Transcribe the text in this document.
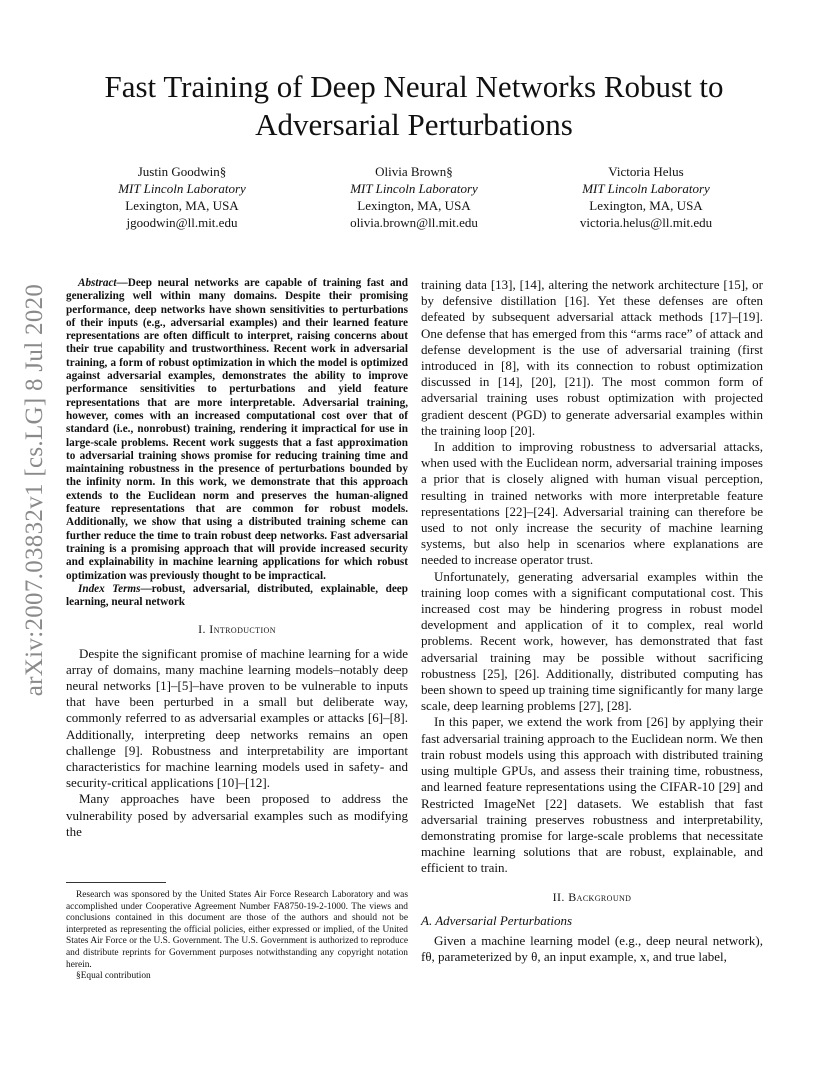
arXiv:2007.03832v1 [cs.LG] 8 Jul 2020
Fast Training of Deep Neural Networks Robust to Adversarial Perturbations
Justin Goodwin§
MIT Lincoln Laboratory
Lexington, MA, USA
jgoodwin@ll.mit.edu
Olivia Brown§
MIT Lincoln Laboratory
Lexington, MA, USA
olivia.brown@ll.mit.edu
Victoria Helus
MIT Lincoln Laboratory
Lexington, MA, USA
victoria.helus@ll.mit.edu

Abstract—Deep neural networks are capable of training fast and generalizing well within many domains. Despite their promising performance, deep networks have shown sensitivities to perturbations of their inputs (e.g., adversarial examples) and their learned feature representations are often difficult to interpret, raising concerns about their true capability and trustworthiness. Recent work in adversarial training, a form of robust optimization in which the model is optimized against adversarial examples, demonstrates the ability to improve performance sensitivities to perturbations and yield feature representations that are more interpretable. Adversarial training, however, comes with an increased computational cost over that of standard (i.e., nonrobust) training, rendering it impractical for use in large-scale problems. Recent work suggests that a fast approximation to adversarial training shows promise for reducing training time and maintaining robustness in the presence of perturbations bounded by the infinity norm. In this work, we demonstrate that this approach extends to the Euclidean norm and preserves the human-aligned feature representations that are common for robust models. Additionally, we show that using a distributed training scheme can further reduce the time to train robust deep networks. Fast adversarial training is a promising approach that will provide increased security and explainability in machine learning applications for which robust optimization was previously thought to be impractical.

Index Terms—robust, adversarial, distributed, explainable, deep learning, neural network

I. Introduction

Despite the significant promise of machine learning for a wide array of domains, many machine learning models–notably deep neural networks [1]–[5]–have proven to be vulnerable to inputs that have been perturbed in a small but deliberate way, commonly referred to as adversarial examples or attacks [6]–[8]. Additionally, interpreting deep networks remains an open challenge [9]. Robustness and interpretability are important characteristics for machine learning models used in safety- and security-critical applications [10]–[12].

Many approaches have been proposed to address the vulnerability posed by adversarial examples such as modifying the

Research was sponsored by the United States Air Force Research Laboratory and was accomplished under Cooperative Agreement Number FA8750-19-2-1000. The views and conclusions contained in this document are those of the authors and should not be interpreted as representing the official policies, either expressed or implied, of the United States Air Force or the U.S. Government. The U.S. Government is authorized to reproduce and distribute reprints for Government purposes notwithstanding any copyright notation herein.

§Equal contribution

training data [13], [14], altering the network architecture [15], or by defensive distillation [16]. Yet these defenses are often defeated by subsequent adversarial attack methods [17]–[19]. One defense that has emerged from this “arms race” of attack and defense development is the use of adversarial training (first introduced in [8], with its connection to robust optimization discussed in [14], [20], [21]). The most common form of adversarial training uses robust optimization with projected gradient descent (PGD) to generate adversarial examples within the training loop [20].

In addition to improving robustness to adversarial attacks, when used with the Euclidean norm, adversarial training imposes a prior that is closely aligned with human visual perception, resulting in trained networks with more interpretable feature representations [22]–[24]. Adversarial training can therefore be used to not only increase the security of machine learning systems, but also help in scenarios where explanations are needed to increase operator trust.

Unfortunately, generating adversarial examples within the training loop comes with a significant computational cost. This increased cost may be hindering progress in robust model development and application of it to complex, real world problems. Recent work, however, has demonstrated that fast adversarial training may be possible without sacrificing robustness [25], [26]. Additionally, distributed computing has been shown to speed up training time significantly for many large scale, deep learning problems [27], [28].

In this paper, we extend the work from [26] by applying their fast adversarial training approach to the Euclidean norm. We then train robust models using this approach with distributed training using multiple GPUs, and assess their training time, robustness, and learned feature representations using the CIFAR-10 [29] and Restricted ImageNet [22] datasets. We establish that fast adversarial training preserves robustness and interpretability, demonstrating promise for large-scale problems that necessitate machine learning solutions that are robust, explainable, and efficient to train.

II. Background
A. Adversarial Perturbations

Given a machine learning model (e.g., deep neural network), fθ, parameterized by θ, an input example, x, and true label,
